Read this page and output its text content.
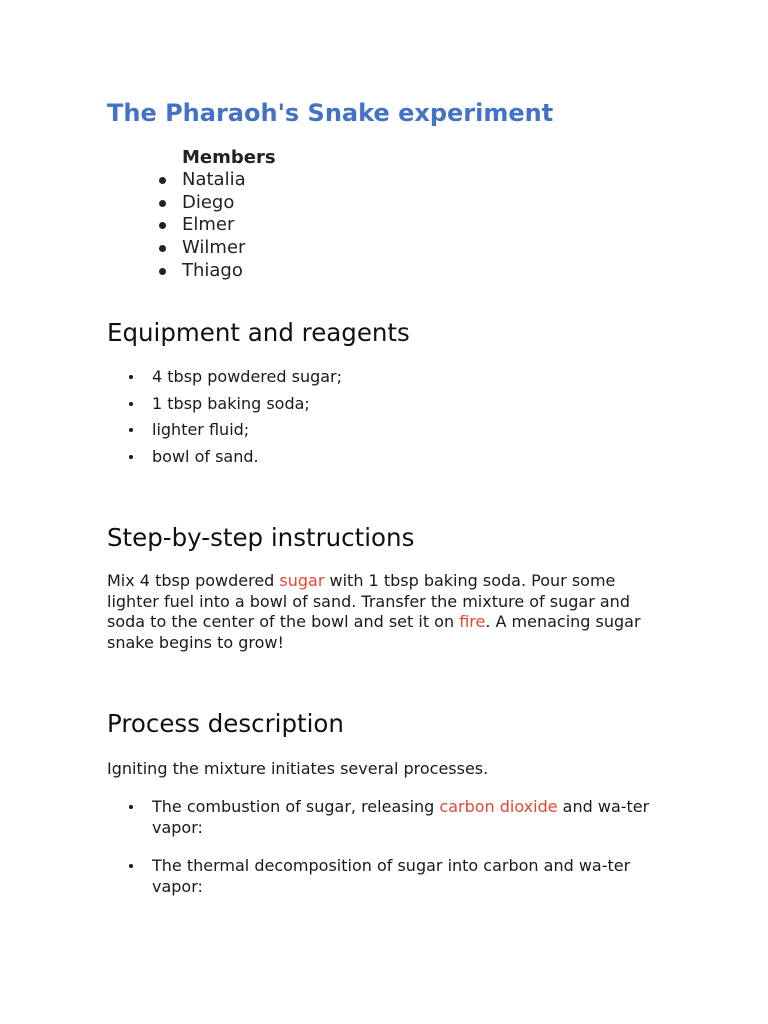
The Pharaoh's Snake experiment
Members
Natalia
Diego
Elmer
Wilmer
Thiago
Equipment and reagents
4 tbsp powdered sugar;
1 tbsp baking soda;
lighter fluid;
bowl of sand.
Step-by-step instructions

Mix 4 tbsp powdered sugar with 1 tbsp baking soda. Pour some lighter fuel into a bowl of sand. Transfer the mixture of sugar and soda to the center of the bowl and set it on fire. A menacing sugar snake begins to grow!

Process description

Igniting the mixture initiates several processes.

The combustion of sugar, releasing carbon dioxide and wa-ter vapor:
The thermal decomposition of sugar into carbon and wa-ter vapor:
